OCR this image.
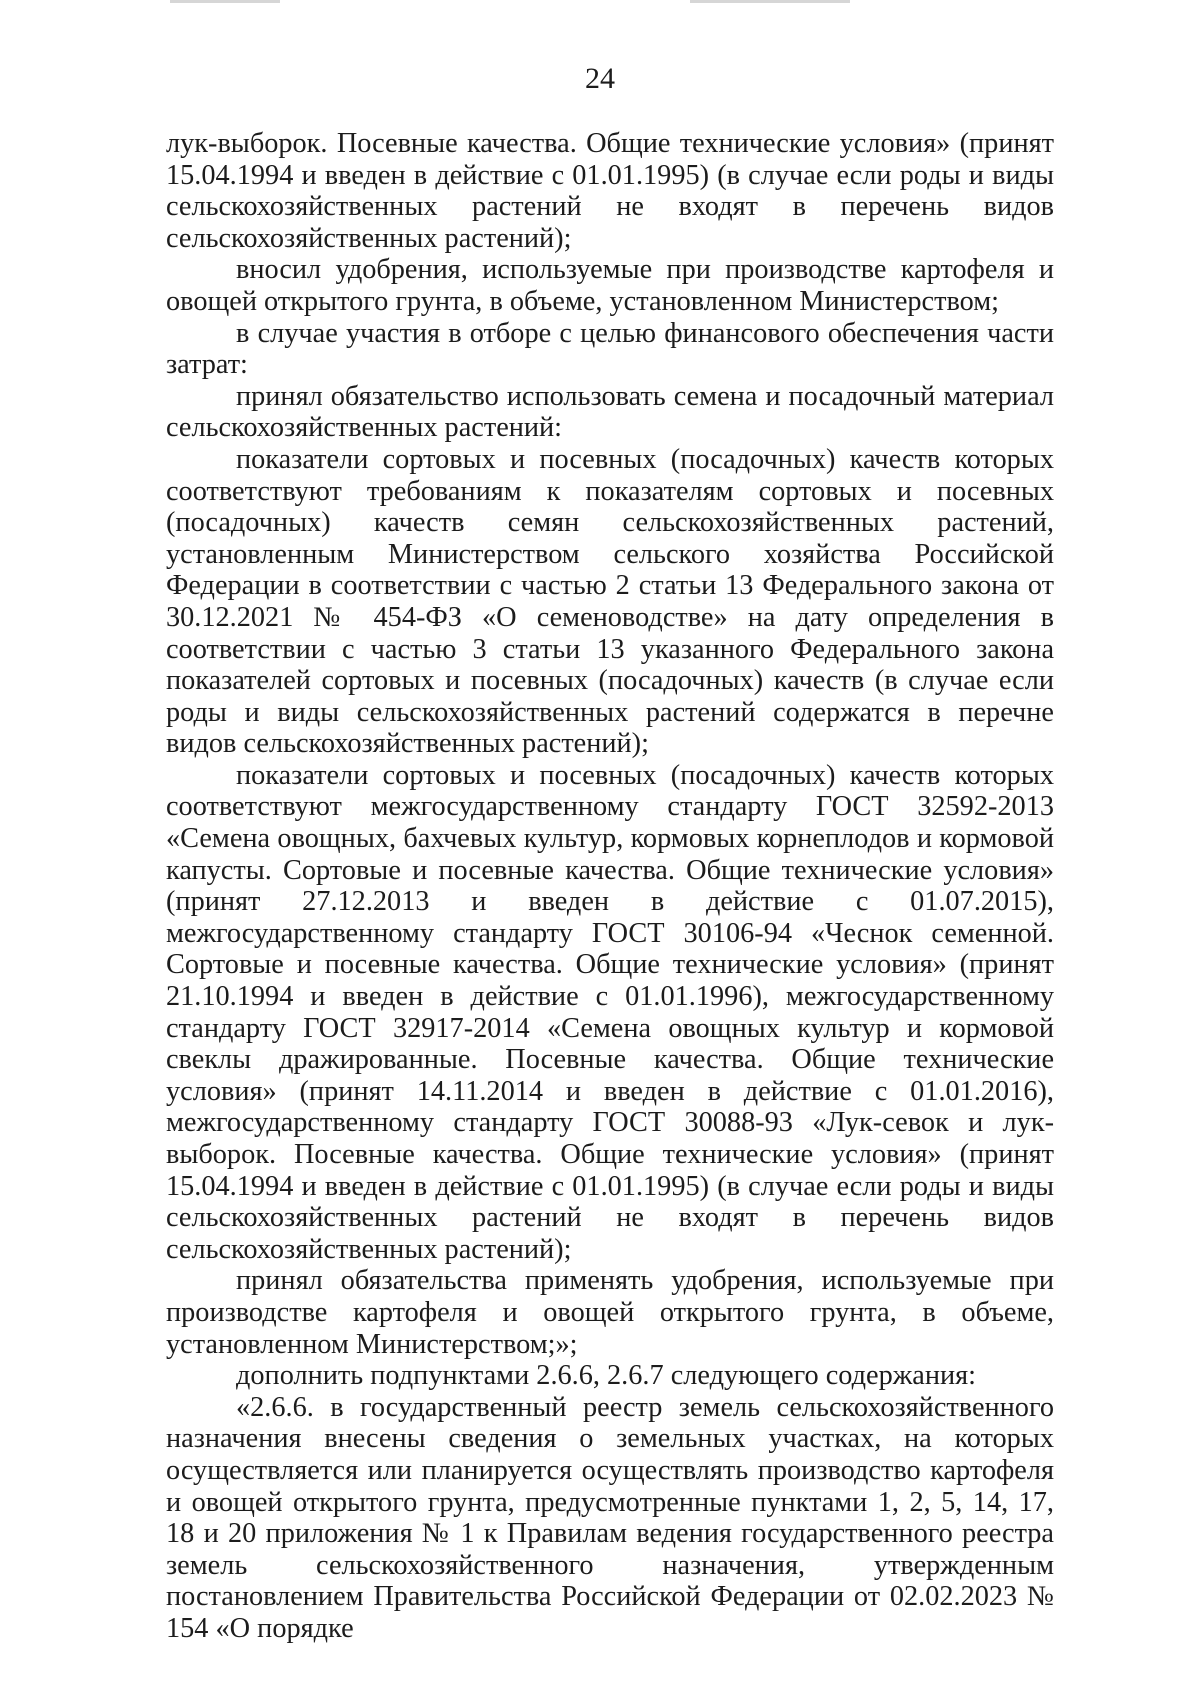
24

лук-выборок. Посевные качества. Общие технические условия» (принят 15.04.1994 и введен в действие с 01.01.1995) (в случае если роды и виды сельскохозяйственных растений не входят в перечень видов сельскохозяйственных растений);

вносил удобрения, используемые при производстве картофеля и овощей открытого грунта, в объеме, установленном Министерством;

в случае участия в отборе с целью финансового обеспечения части затрат:

принял обязательство использовать семена и посадочный материал сельскохозяйственных растений:

показатели сортовых и посевных (посадочных) качеств которых соответствуют требованиям к показателям сортовых и посевных (посадочных) качеств семян сельскохозяйственных растений, установленным Министерством сельского хозяйства Российской Федерации в соответствии с частью 2 статьи 13 Федерального закона от 30.12.2021 № 454-ФЗ «О семеноводстве» на дату определения в соответствии с частью 3 статьи 13 указанного Федерального закона показателей сортовых и посевных (посадочных) качеств (в случае если роды и виды сельскохозяйственных растений содержатся в перечне видов сельскохозяйственных растений);

показатели сортовых и посевных (посадочных) качеств которых соответствуют межгосударственному стандарту ГОСТ 32592-2013 «Семена овощных, бахчевых культур, кормовых корнеплодов и кормовой капусты. Сортовые и посевные качества. Общие технические условия» (принят 27.12.2013 и введен в действие с 01.07.2015), межгосударственному стандарту ГОСТ 30106-94 «Чеснок семенной. Сортовые и посевные качества. Общие технические условия» (принят 21.10.1994 и введен в действие с 01.01.1996), межгосударственному стандарту ГОСТ 32917-2014 «Семена овощных культур и кормовой свеклы дражированные. Посевные качества. Общие технические условия» (принят 14.11.2014 и введен в действие с 01.01.2016), межгосударственному стандарту ГОСТ 30088-93 «Лук-севок и лук-выборок. Посевные качества. Общие технические условия» (принят 15.04.1994 и введен в действие с 01.01.1995) (в случае если роды и виды сельскохозяйственных растений не входят в перечень видов сельскохозяйственных растений);

принял обязательства применять удобрения, используемые при производстве картофеля и овощей открытого грунта, в объеме, установленном Министерством;»;

дополнить подпунктами 2.6.6, 2.6.7 следующего содержания:

«2.6.6. в государственный реестр земель сельскохозяйственного назначения внесены сведения о земельных участках, на которых осуществляется или планируется осуществлять производство картофеля и овощей открытого грунта, предусмотренные пунктами 1, 2, 5, 14, 17, 18 и 20 приложения № 1 к Правилам ведения государственного реестра земель сельскохозяйственного назначения, утвержденным постановлением Правительства Российской Федерации от 02.02.2023 № 154 «О порядке
